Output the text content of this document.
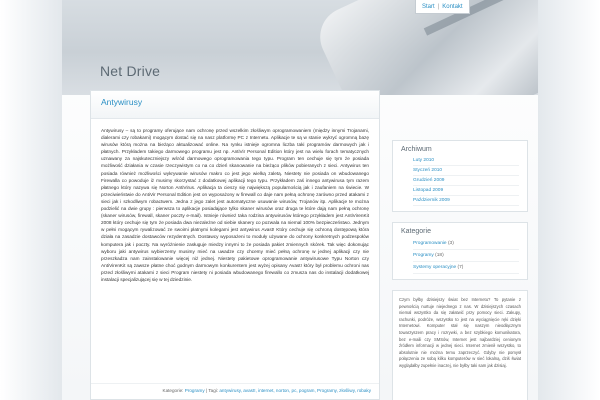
Start | Kontakt
Net Drive
Antywirusy
Antywirusy – są to programy oferujące nam ochronę przed wszelkim złośliwym oprogramowaniem (między innymi Trojanami, dialerami czy robakami) mogącym dostać się na nasz platformę PC z Internetu. Aplikacje te są w stanie wykryć ogromną bazę wirusów którą można na bieżąco aktualizować online. Na rynku istnieje ogromna liczba taki programów darmowych jak i płatnych. Przykładem takiego darmowego programu jest np. AntiVir Personal Edition który jest na wielu forach tematycznych uznawany za najskuteczniejszy wśród darmowego oprogramowania tego typu. Program ten cechuje się tym że posiada możliwość działania w czasie rzeczywistym co na co dzień skanowanie na bieżąco plików pobieranych z sieci. Antywirus ten posiada również możliwości wykrywanie wirusów makro co jest jego wielką zaletą. Niestety nie posiada on wbudowanego Firewalla co powoduje iż musimy skorzystać z dodatkowej aplikacji tego typu. Przykładem zaś innego antywirusa tym razem płatnego który nazywa się Norton AntiVirus. Aplikacja ta cieszy się największą popularnością jak i zaufaniem na świecie. W przeciwieństwie do AntiVir Personal Edition jest on wyposażony w firewall co daje nam pełną ochronę zarówno przed atakami z sieci jak i szkodliwym robactwem. Jedna z jego zalet jest automatyczne usuwanie wirusów, Trojanów itp. Aplikacje te można podzielić na dwie grupy : pierwsza to aplikacje posiadające tylko skaner wirusów oraz druga te które dają nam pełną ochronę (skaner wirusów, firewall, skaner poczty e-mail). Istnieje również taka rodzina antywirusów którego przykładem jest AntiVirenKit 2008 który cechuje się tym że posiada dwa niezależne od siebie skanery co pozwala na niemal 100% bezpieczeństwo. Jednym w pełni mogącym rywalizować ze swoimi płatnymi kolegami jest antywirus Avast! Który cechuje się ochroną dostępową która działa na zasadzie dostawców rezydentnych. Dostawcy wyposażeni to moduły używane do ochrony konkretnych podzespołów komputera jak i poczty. Na wyróżnienie zasługuje miedzy innymi to że posiada pakiet zmiennych skórek. Tak więc dokonując wyboru jaki antywirus wybierzemy musimy mieć na uwadze czy chcemy mieć pełną ochronę w jednej aplikacji czy nie przeszkadza nam zainstalowanie więcej niż jednej. Niestety pakietowe oprogramowanie antywirusowe Typu Norton czy AntiVirenKit są zawsze płatne choć godnym darmowym konkurentem jest wyżej opisany Avast! który był problemu ochroni nas przed złośliwymi atakami z sieci Program niestety ni posiada wbudowanego firewallo co zmusza nas do instalacji dodatkowej instalacji specjalizującej się w tej dziedzinie.
Kategorie: Programy | Tagi: antywirusy, avast!, internet, norton, pc, pogram, Programy, złośliwy, robaky
Archiwum
Luty 2010
Styczeń 2010
Grudzień 2009
Listopad 2009
Październik 2009
Kategorie
Programowanie (3)
Programy (18)
Systemy operacyjne (7)
Czym byłby dzisiejszy świat bez Internetu? To pytanie z pewnością nurtuje niejednego z nas. W dzisiejszych czasach niemal wszystko da się załatwić przy pomocy sieci. Zakupy, rachunki, podróże, wszystko to jest na wyciągnięcie ręki dzięki Internetowi. Komputer stał się naszym nieodłącznym towarzyszem pracy i rozrywki, a bez szybkiego komunikatora, bez e-maili czy SMSów, Internet jest najbardziej cenionym źródłem informacji w jednej sieci. Internet zmienił wszystko, to absolutnie nie można temu zaprzeczyć. Gdyby nie pomysł połączenia ze sobą kilku komputerów w sieć lokalną, dziś świat wyglądałby zupełnie inaczej, nie byłby taki sam jak dzisiaj.
